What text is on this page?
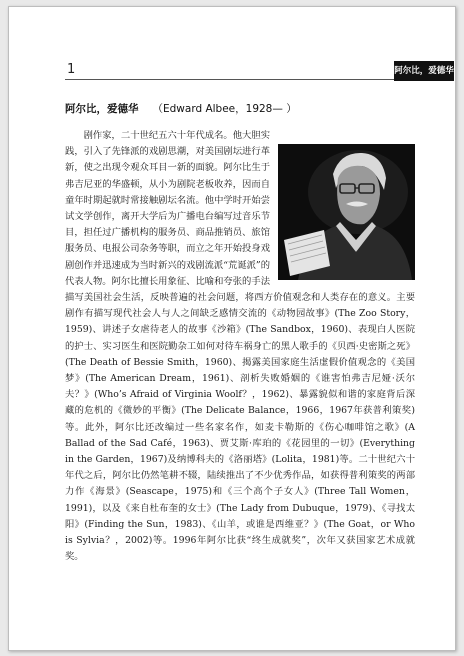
1	阿尔比，爱德华
阿尔比，爱德华 （Edward Albee，1928— ）
剧作家，二十世纪五六十年代成名。他大胆实践，引入了先锋派的戏剧思潮，对美国剧坛进行革新，使之出现令观众耳目一新的面貌。阿尔比生于弗吉尼亚的华盛顿，从小为剧院老板收养，因而自童年时期起就时常接触剧坛名流。他中学时开始尝试文学创作，离开大学后为广播电台编写过音乐节目，担任过广播机构的服务员、商品推销员、旅馆服务员、电报公司杂务等职，而立之年开始投身戏剧创作并迅速成为当时新兴的戏剧流派“荒诞派”的代表人物。阿尔比擅长用象征、比喻和夸张的手法描写美国社会生活，反映普遍的社会问题，将西方价值观念和人类存在的意义。主要剧作有描写现代社会人与人之间缺乏感情交流的《动物园故事》(The Zoo Story，1959)、讲述子女虐待老人的故事《沙箱》(The Sandbox，1960)、表现白人医院的护士、实习医生和医院勤杂工如何对待车祸身亡的黑人歌手的《贝西·史密斯之死》(The Death of Bessie Smith，1960)、揭露美国家庭生活虚假价值观念的《美国梦》(The American Dream，1961)、剖析失败婚姻的《谁害怕弗吉尼娅·沃尔夫？》(Who’s Afraid of Virginia Woolf？，1962)、暴露貌似和谐的家庭背后深藏的危机的《微妙的平衡》(The Delicate Balance，1966，1967年获普利策奖)等。此外，阿尔比还改编过一些名家名作，如麦卡勒斯的《伤心咖啡馆之歌》(A Ballad of the Sad Café，1963)、贾艾斯·库珀的《花园里的一切》(Everything in the Garden，1967)及纳博科夫的《洛丽塔》(Lolita，1981)等。二十世纪六十年代之后，阿尔比仍然笔耕不辍，陆续推出了不少优秀作品，如获得普利策奖的两部力作《海景》(Seascape，1975)和《三个高个子女人》(Three Tall Women，1991)，以及《来自杜布奎的女士》(The Lady from Dubuque，1979)、《寻找太阳》(Finding the Sun，1983)、《山羊，或谁是西维亚？》(The Goat，or Who is Sylvia？，2002)等。1996年阿尔比获“终生成就奖”，次年又获国家艺术成就奖。
